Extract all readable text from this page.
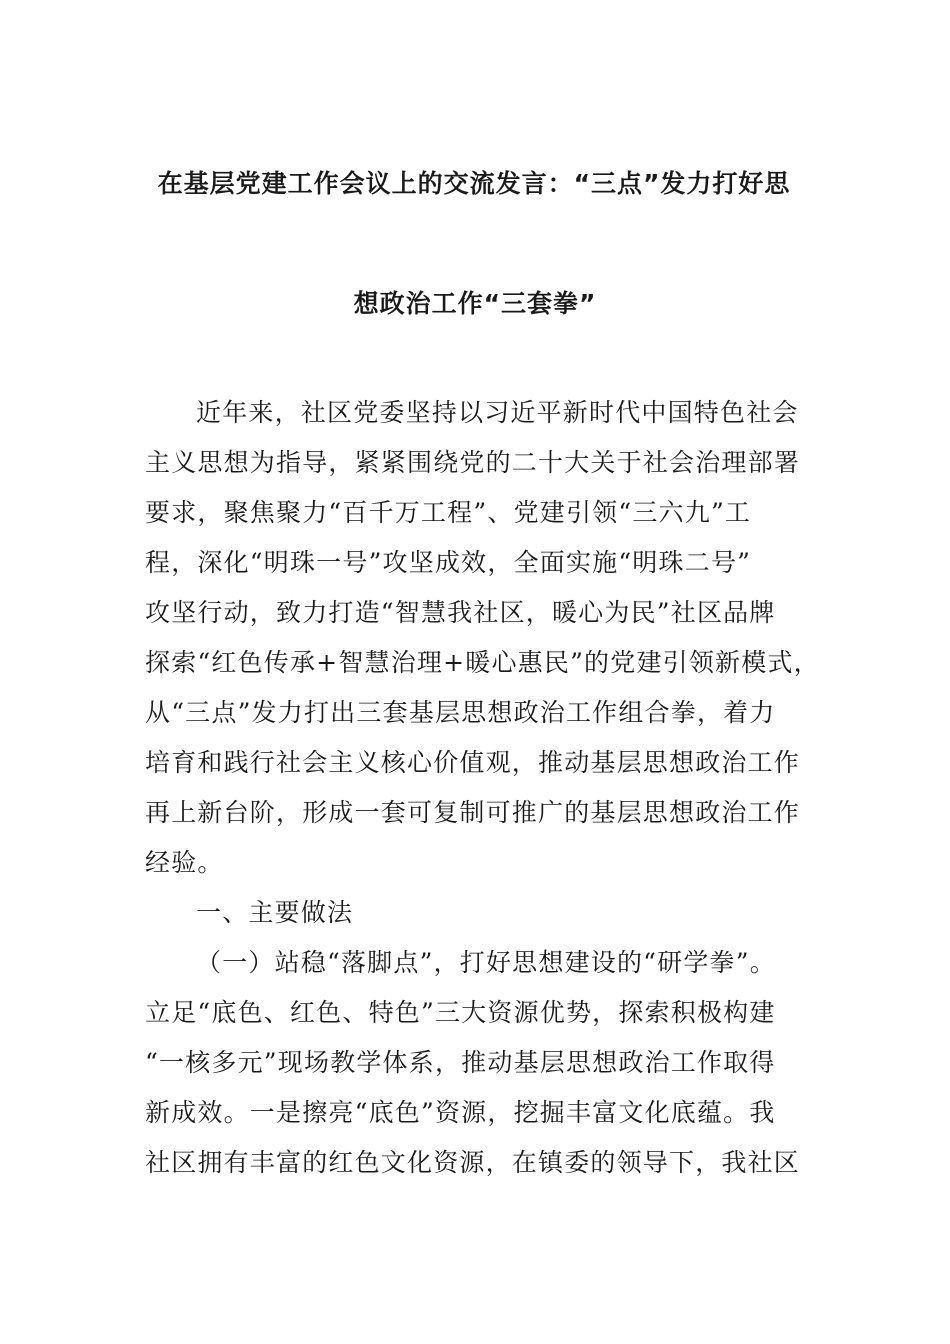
在基层党建工作会议上的交流发言：“三点”发力打好思
想政治工作“三套拳”
近年来，社区党委坚持以习近平新时代中国特色社会
主义思想为指导，紧紧围绕党的二十大关于社会治理部署
要求，聚焦聚力“百千万工程”、党建引领“三六九”工
程，深化“明珠一号”攻坚成效，全面实施“明珠二号”
攻坚行动，致力打造“智慧我社区，暖心为民”社区品牌
探索“红色传承+智慧治理+暖心惠民”的党建引领新模式，
从“三点”发力打出三套基层思想政治工作组合拳，着力
培育和践行社会主义核心价值观，推动基层思想政治工作
再上新台阶，形成一套可复制可推广的基层思想政治工作
经验。
一、主要做法
（一）站稳“落脚点”，打好思想建设的“研学拳”。
立足“底色、红色、特色”三大资源优势，探索积极构建
“一核多元”现场教学体系，推动基层思想政治工作取得
新成效。一是擦亮“底色”资源，挖掘丰富文化底蕴。我
社区拥有丰富的红色文化资源，在镇委的领导下，我社区
